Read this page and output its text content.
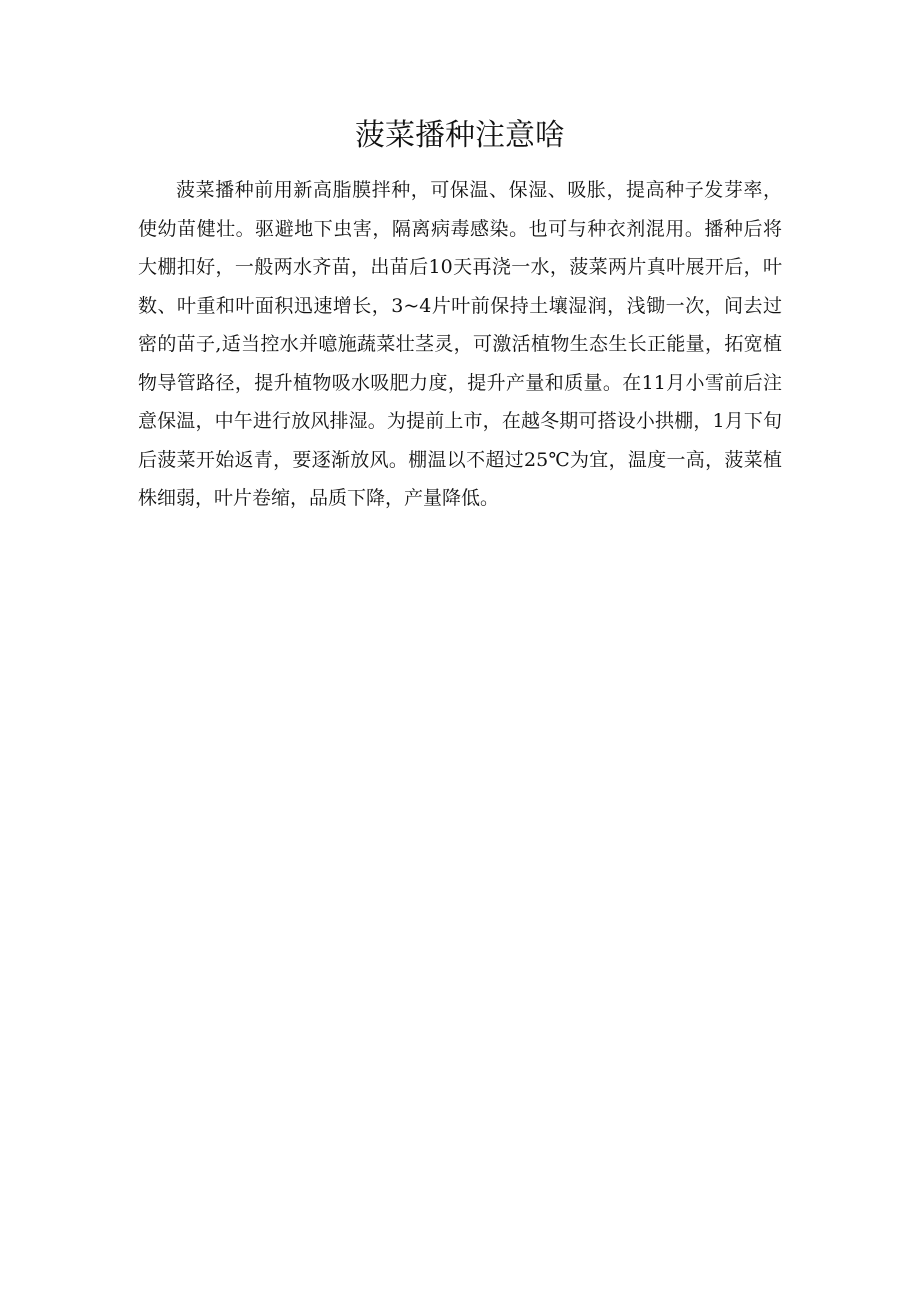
菠菜播种注意啥

菠菜播种前用新高脂膜拌种，可保温、保湿、吸胀，提高种子发芽率，使幼苗健壮。驱避地下虫害，隔离病毒感染。也可与种衣剂混用。播种后将大棚扣好，一般两水齐苗，出苗后10天再浇一水，菠菜两片真叶展开后，叶数、叶重和叶面积迅速增长，3~4片叶前保持土壤湿润，浅锄一次，间去过密的苗子,适当控水并噫施蔬菜壮茎灵，可激活植物生态生长正能量，拓宽植物导管路径，提升植物吸水吸肥力度，提升产量和质量。在11月小雪前后注意保温，中午进行放风排湿。为提前上市，在越冬期可搭设小拱棚，1月下旬后菠菜开始返青，要逐渐放风。棚温以不超过25℃为宜，温度一高，菠菜植株细弱，叶片卷缩，品质下降，产量降低。
